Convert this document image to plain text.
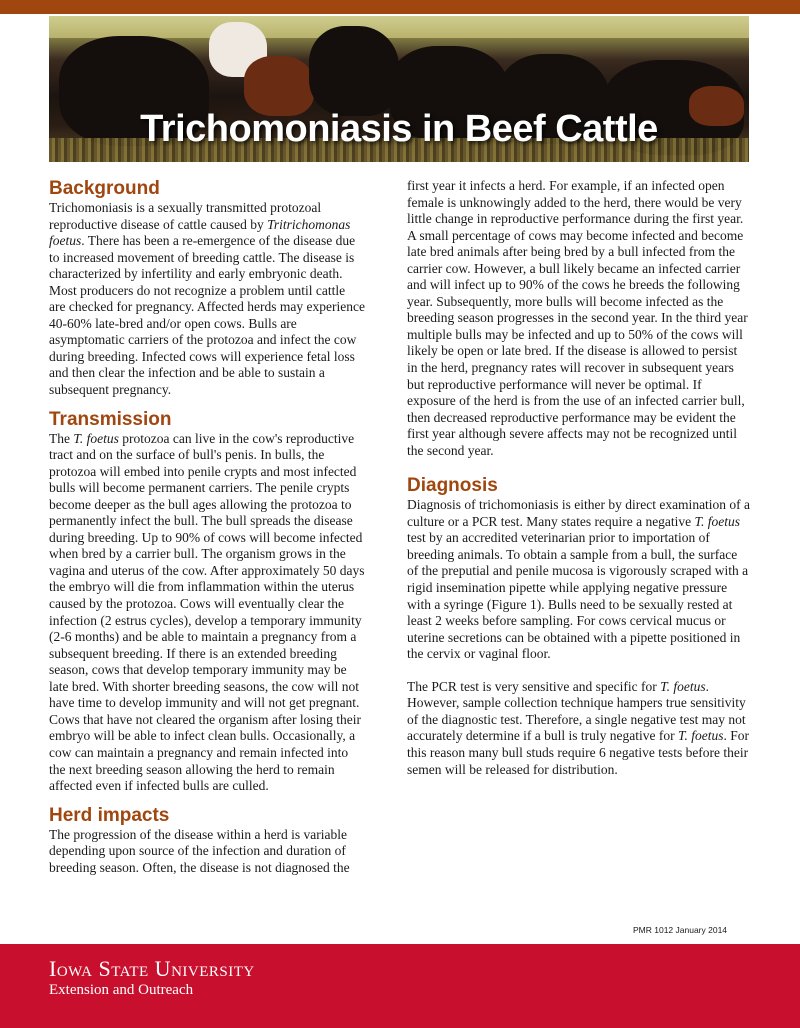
Trichomoniasis in Beef Cattle
Background

Trichomoniasis is a sexually transmitted protozoal reproductive disease of cattle caused by Tritrichomonas foetus. There has been a re-emergence of the disease due to increased movement of breeding cattle. The disease is characterized by infertility and early embryonic death. Most producers do not recognize a problem until cattle are checked for pregnancy. Affected herds may experience 40-60% late-bred and/or open cows. Bulls are asymptomatic carriers of the protozoa and infect the cow during breeding. Infected cows will experience fetal loss and then clear the infection and be able to sustain a subsequent pregnancy.

Transmission

The T. foetus protozoa can live in the cow's reproductive tract and on the surface of bull's penis. In bulls, the protozoa will embed into penile crypts and most infected bulls will become permanent carriers. The penile crypts become deeper as the bull ages allowing the protozoa to permanently infect the bull. The bull spreads the disease during breeding. Up to 90% of cows will become infected when bred by a carrier bull. The organism grows in the vagina and uterus of the cow. After approximately 50 days the embryo will die from inflammation within the uterus caused by the protozoa. Cows will eventually clear the infection (2 estrus cycles), develop a temporary immunity (2-6 months) and be able to maintain a pregnancy from a subsequent breeding. If there is an extended breeding season, cows that develop temporary immunity may be late bred. With shorter breeding seasons, the cow will not have time to develop immunity and will not get pregnant. Cows that have not cleared the organism after losing their embryo will be able to infect clean bulls. Occasionally, a cow can maintain a pregnancy and remain infected into the next breeding season allowing the herd to remain affected even if infected bulls are culled.

Herd impacts

The progression of the disease within a herd is variable depending upon source of the infection and duration of breeding season. Often, the disease is not diagnosed the

first year it infects a herd. For example, if an infected open female is unknowingly added to the herd, there would be very little change in reproductive performance during the first year. A small percentage of cows may become infected and become late bred animals after being bred by a bull infected from the carrier cow. However, a bull likely became an infected carrier and will infect up to 90% of the cows he breeds the following year. Subsequently, more bulls will become infected as the breeding season progresses in the second year. In the third year multiple bulls may be infected and up to 50% of the cows will likely be open or late bred. If the disease is allowed to persist in the herd, pregnancy rates will recover in subsequent years but reproductive performance will never be optimal. If exposure of the herd is from the use of an infected carrier bull, then decreased reproductive performance may be evident the first year although severe affects may not be recognized until the second year.

Diagnosis

Diagnosis of trichomoniasis is either by direct examination of a culture or a PCR test. Many states require a negative T. foetus test by an accredited veterinarian prior to importation of breeding animals. To obtain a sample from a bull, the surface of the preputial and penile mucosa is vigorously scraped with a rigid insemination pipette while applying negative pressure with a syringe (Figure 1). Bulls need to be sexually rested at least 2 weeks before sampling. For cows cervical mucus or uterine secretions can be obtained with a pipette positioned in the cervix or vaginal floor.

The PCR test is very sensitive and specific for T. foetus. However, sample collection technique hampers true sensitivity of the diagnostic test. Therefore, a single negative test may not accurately determine if a bull is truly negative for T. foetus. For this reason many bull studs require 6 negative tests before their semen will be released for distribution.

PMR 1012 January 2014
Iowa State University
Extension and Outreach
